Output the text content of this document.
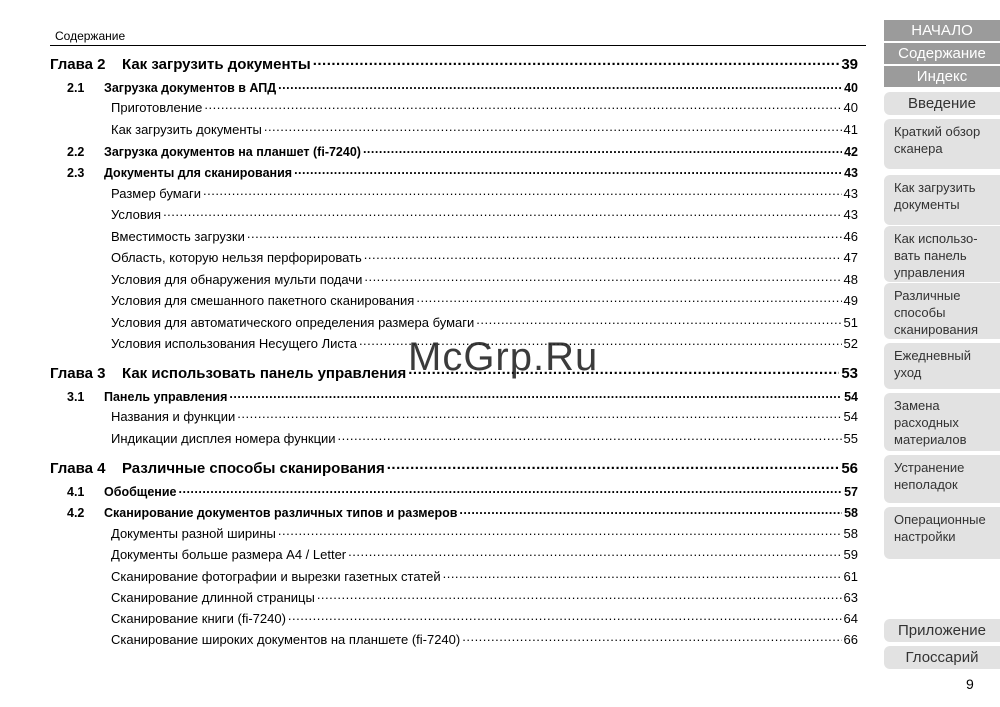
Содержание
Глава 2	Как загрузить документы .....	39
2.1	Загрузка документов в АПД .....	40
Приготовление .....	40
Как загрузить документы .....	41
2.2	Загрузка документов на планшет (fi-7240) .....	42
2.3	Документы для сканирования .....	43
Размер бумаги .....	43
Условия .....	43
Вместимость загрузки .....	46
Область, которую нельзя перфорировать .....	47
Условия для обнаружения мульти подачи .....	48
Условия для смешанного пакетного сканирования .....	49
Условия для автоматического определения размера бумаги .....	51
Условия использования Несущего Листа .....	52
Глава 3	Как использовать панель управления .....	53
3.1	Панель управления .....	54
Названия и функции .....	54
Индикации дисплея номера функции .....	55
Глава 4	Различные способы сканирования .....	56
4.1	Обобщение .....	57
4.2	Сканирование документов различных типов и размеров .....	58
Документы разной ширины .....	58
Документы больше размера А4 / Letter .....	59
Сканирование фотографии и вырезки газетных статей .....	61
Сканирование длинной страницы .....	63
Сканирование книги (fi-7240) .....	64
Сканирование широких документов на планшете (fi-7240) .....	66
McGrp.Ru
НАЧАЛО
Содержание
Индекс
Введение
Краткий обзор сканера
Как загрузить документы
Как использо-вать панель управления
Различные способы сканирования
Ежедневный уход
Замена расходных материалов
Устранение неполадок
Операционные настройки
Приложение
Глоссарий
9
